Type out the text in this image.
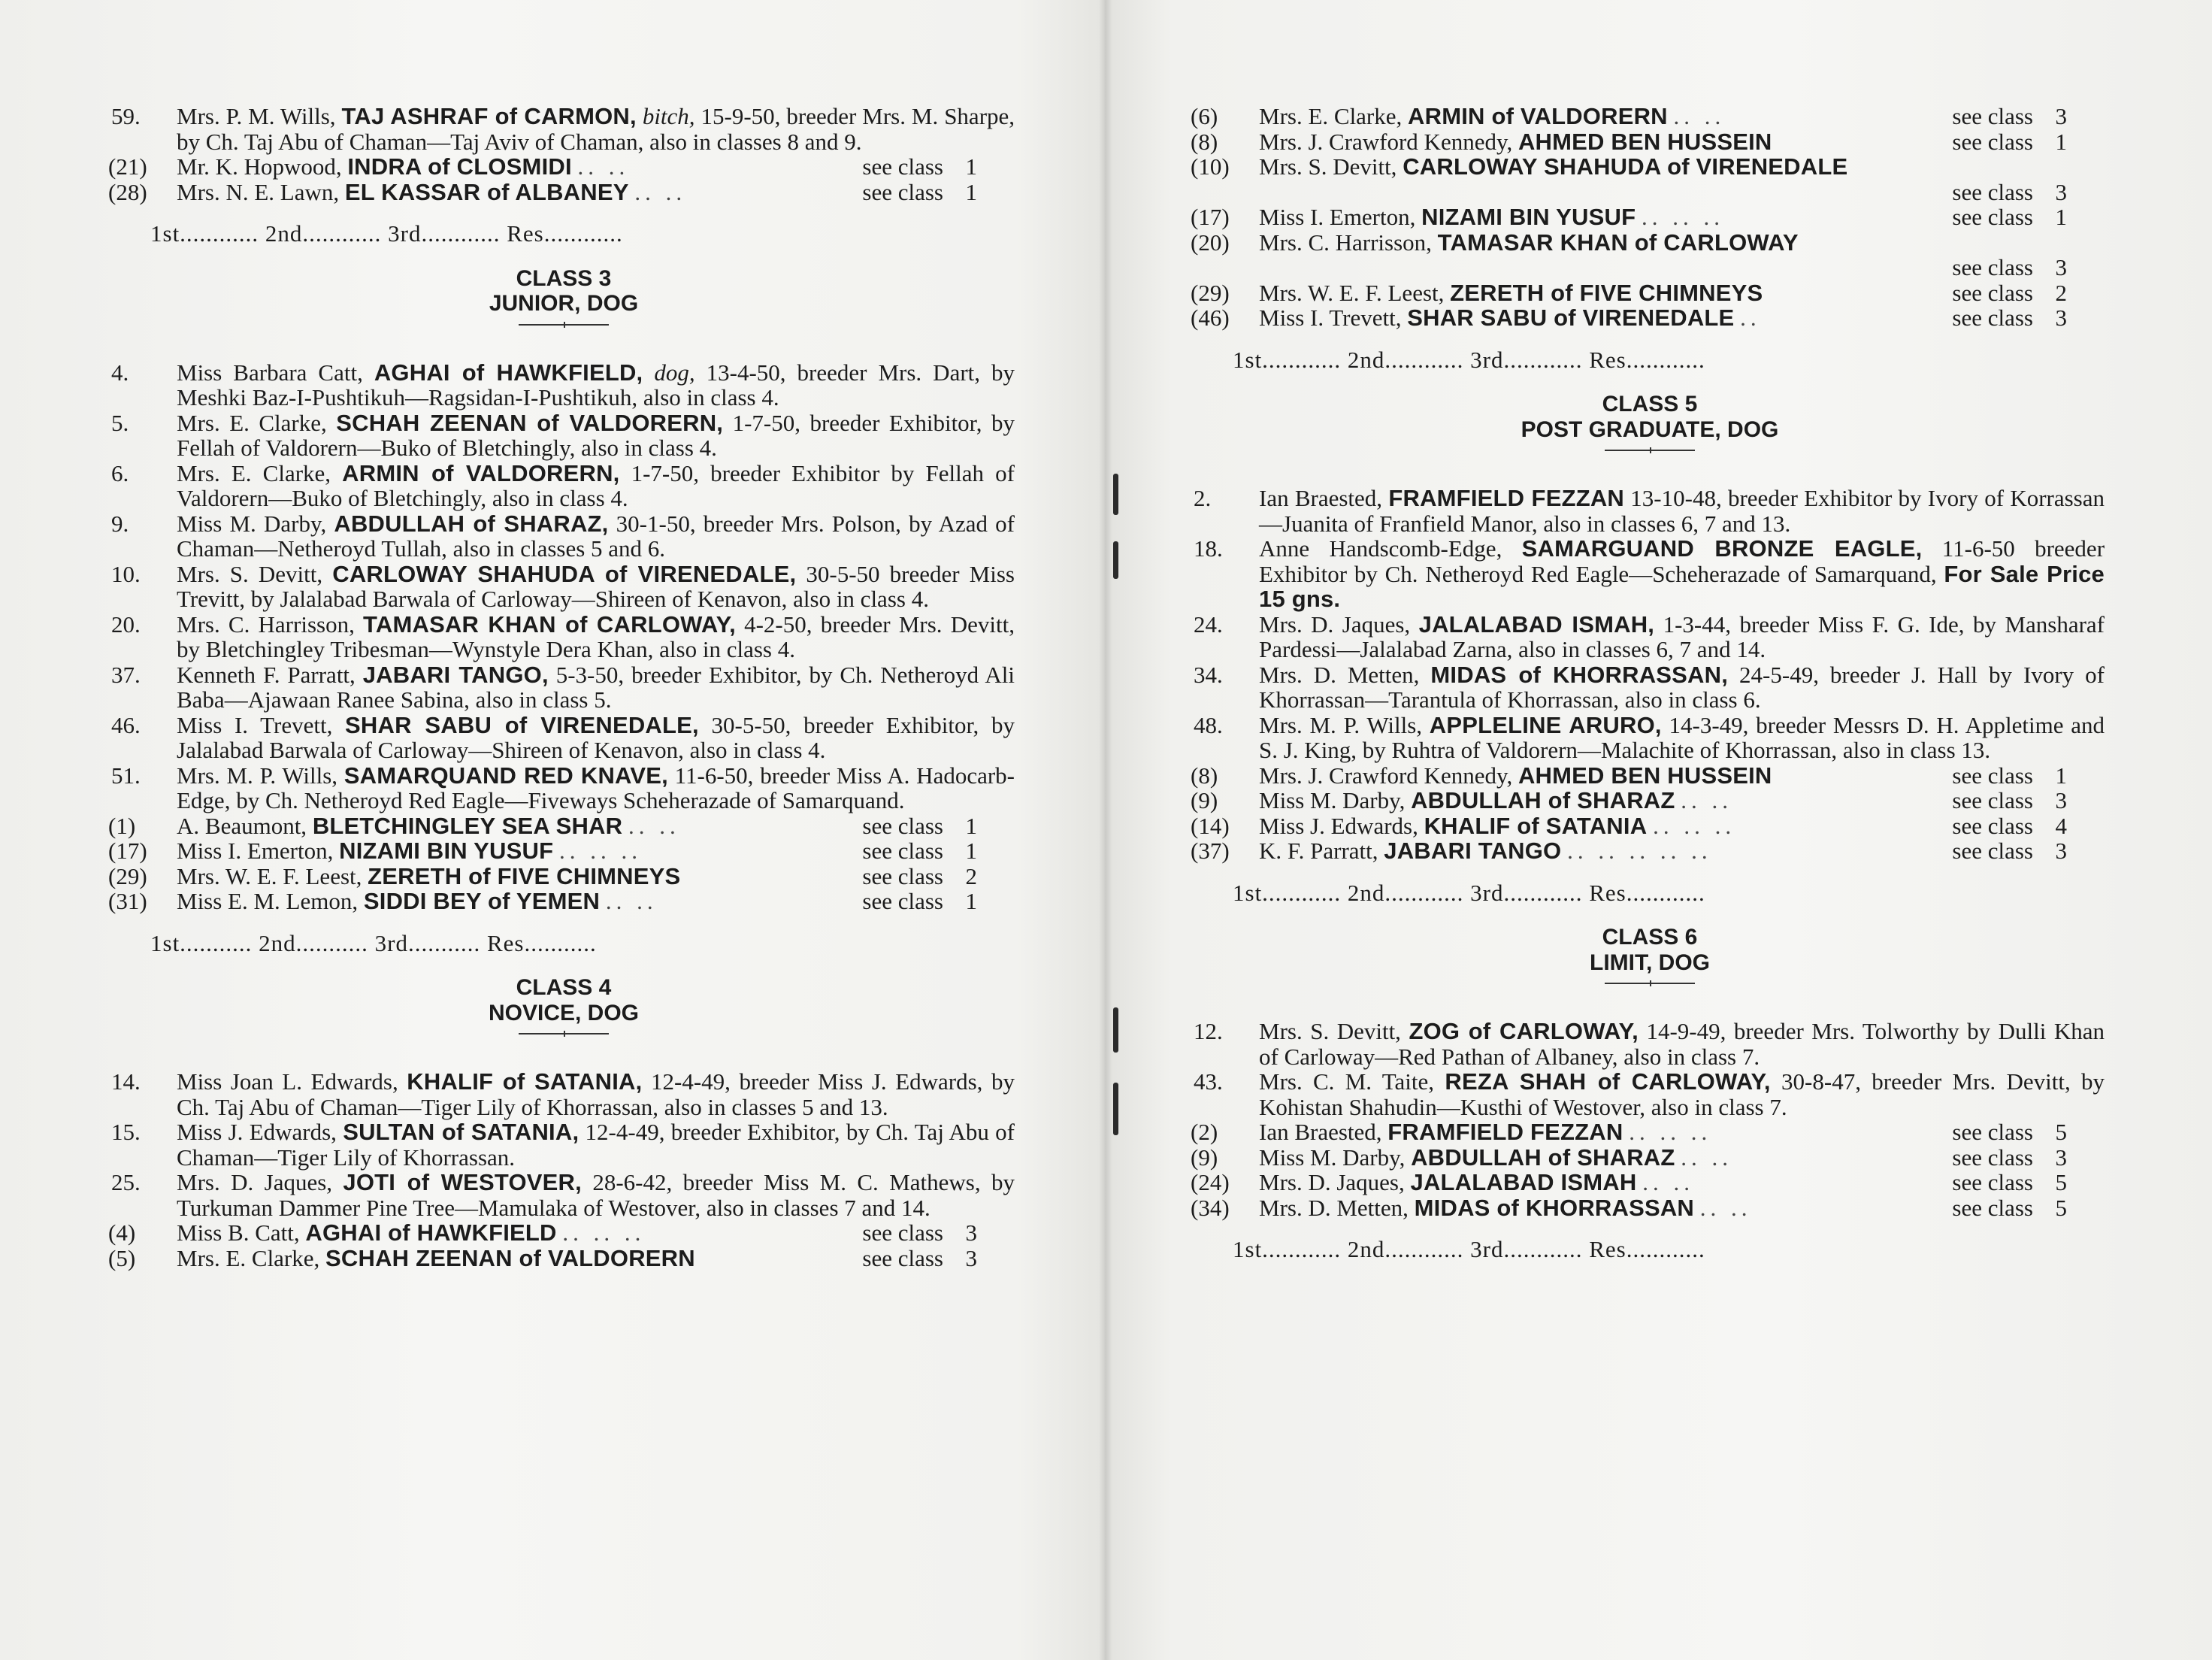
59.	Mrs. P. M. Wills, TAJ ASHRAF of CARMON, bitch, 15-9-50, breeder Mrs. M. Sharpe, by Ch. Taj Abu of Chaman—Taj Aviv of Chaman, also in classes 8 and 9.
(21)	Mr. K. Hopwood, INDRA of CLOSMIDI .. ..	see class 1
(28)	Mrs. N. E. Lawn, EL KASSAR of ALBANEY .. ..	see class 1
1st............ 2nd............ 3rd............ Res............
CLASS 3
JUNIOR, DOG
4.	Miss Barbara Catt, AGHAI of HAWKFIELD, dog, 13-4-50, breeder Mrs. Dart, by Meshki Baz-I-Pushtikuh—Ragsidan-I-Pushtikuh, also in class 4.
5.	Mrs. E. Clarke, SCHAH ZEENAN of VALDORERN, 1-7-50, breeder Exhibitor, by Fellah of Valdorern—Buko of Bletchingly, also in class 4.
6.	Mrs. E. Clarke, ARMIN of VALDORERN, 1-7-50, breeder Exhibitor by Fellah of Valdorern—Buko of Bletchingly, also in class 4.
9.	Miss M. Darby, ABDULLAH of SHARAZ, 30-1-50, breeder Mrs. Polson, by Azad of Chaman—Netheroyd Tullah, also in classes 5 and 6.
10.	Mrs. S. Devitt, CARLOWAY SHAHUDA of VIRENEDALE, 30-5-50 breeder Miss Trevitt, by Jalalabad Barwala of Carloway—Shireen of Kenavon, also in class 4.
20.	Mrs. C. Harrisson, TAMASAR KHAN of CARLOWAY, 4-2-50, breeder Mrs. Devitt, by Bletchingley Tribesman—Wynstyle Dera Khan, also in class 4.
37.	Kenneth F. Parratt, JABARI TANGO, 5-3-50, breeder Exhibitor, by Ch. Netheroyd Ali Baba—Ajawaan Ranee Sabina, also in class 5.
46.	Miss I. Trevett, SHAR SABU of VIRENEDALE, 30-5-50, breeder Exhibitor, by Jalalabad Barwala of Carloway—Shireen of Kenavon, also in class 4.
51.	Mrs. M. P. Wills, SAMARQUAND RED KNAVE, 11-6-50, breeder Miss A. Hadocarb-Edge, by Ch. Netheroyd Red Eagle—Fiveways Scheherazade of Samarquand.
(1)	A. Beaumont, BLETCHINGLEY SEA SHAR .. ..	see class 1
(17)	Miss I. Emerton, NIZAMI BIN YUSUF .. .. ..	see class 1
(29)	Mrs. W. E. F. Leest, ZERETH of FIVE CHIMNEYS	see class 2
(31)	Miss E. M. Lemon, SIDDI BEY of YEMEN .. ..	see class 1
1st........... 2nd........... 3rd........... Res...........
CLASS 4
NOVICE, DOG
14.	Miss Joan L. Edwards, KHALIF of SATANIA, 12-4-49, breeder Miss J. Edwards, by Ch. Taj Abu of Chaman—Tiger Lily of Khorrassan, also in classes 5 and 13.
15.	Miss J. Edwards, SULTAN of SATANIA, 12-4-49, breeder Exhibitor, by Ch. Taj Abu of Chaman—Tiger Lily of Khorrassan.
25.	Mrs. D. Jaques, JOTI of WESTOVER, 28-6-42, breeder Miss M. C. Mathews, by Turkuman Dammer Pine Tree—Mamulaka of Westover, also in classes 7 and 14.
(4)	Miss B. Catt, AGHAI of HAWKFIELD .. .. ..	see class 3
(5)	Mrs. E. Clarke, SCHAH ZEENAN of VALDORERN	see class 3
(6)	Mrs. E. Clarke, ARMIN of VALDORERN .. ..	see class 3
(8)	Mrs. J. Crawford Kennedy, AHMED BEN HUSSEIN	see class 1
(10)	Mrs. S. Devitt, CARLOWAY SHAHUDA of VIRENEDALE
see class 3
(17)	Miss I. Emerton, NIZAMI BIN YUSUF .. .. ..	see class 1
(20)	Mrs. C. Harrisson, TAMASAR KHAN of CARLOWAY
see class 3
(29)	Mrs. W. E. F. Leest, ZERETH of FIVE CHIMNEYS	see class 2
(46)	Miss I. Trevett, SHAR SABU of VIRENEDALE ..	see class 3
1st............ 2nd............ 3rd............ Res............
CLASS 5
POST GRADUATE, DOG
2.	Ian Braested, FRAMFIELD FEZZAN 13-10-48, breeder Exhibitor by Ivory of Korrassan—Juanita of Franfield Manor, also in classes 6, 7 and 13.
18.	Anne Handscomb-Edge, SAMARGUAND BRONZE EAGLE, 11-6-50 breeder Exhibitor by Ch. Netheroyd Red Eagle—Scheherazade of Samarquand, For Sale Price 15 gns.
24.	Mrs. D. Jaques, JALALABAD ISMAH, 1-3-44, breeder Miss F. G. Ide, by Mansharaf Pardessi—Jalalabad Zarna, also in classes 6, 7 and 14.
34.	Mrs. D. Metten, MIDAS of KHORRASSAN, 24-5-49, breeder J. Hall by Ivory of Khorrassan—Tarantula of Khorrassan, also in class 6.
48.	Mrs. M. P. Wills, APPLELINE ARURO, 14-3-49, breeder Messrs D. H. Appletime and S. J. King, by Ruhtra of Valdorern—Malachite of Khorrassan, also in class 13.
(8)	Mrs. J. Crawford Kennedy, AHMED BEN HUSSEIN	see class 1
(9)	Miss M. Darby, ABDULLAH of SHARAZ .. ..	see class 3
(14)	Miss J. Edwards, KHALIF of SATANIA .. .. ..	see class 4
(37)	K. F. Parratt, JABARI TANGO .. .. .. .. ..	see class 3
1st............ 2nd............ 3rd............ Res............
CLASS 6
LIMIT, DOG
12.	Mrs. S. Devitt, ZOG of CARLOWAY, 14-9-49, breeder Mrs. Tolworthy by Dulli Khan of Carloway—Red Pathan of Albaney, also in class 7.
43.	Mrs. C. M. Taite, REZA SHAH of CARLOWAY, 30-8-47, breeder Mrs. Devitt, by Kohistan Shahudin—Kusthi of Westover, also in class 7.
(2)	Ian Braested, FRAMFIELD FEZZAN .. .. ..	see class 5
(9)	Miss M. Darby, ABDULLAH of SHARAZ .. ..	see class 3
(24)	Mrs. D. Jaques, JALALABAD ISMAH .. ..	see class 5
(34)	Mrs. D. Metten, MIDAS of KHORRASSAN .. ..	see class 5
1st............ 2nd............ 3rd............ Res............
